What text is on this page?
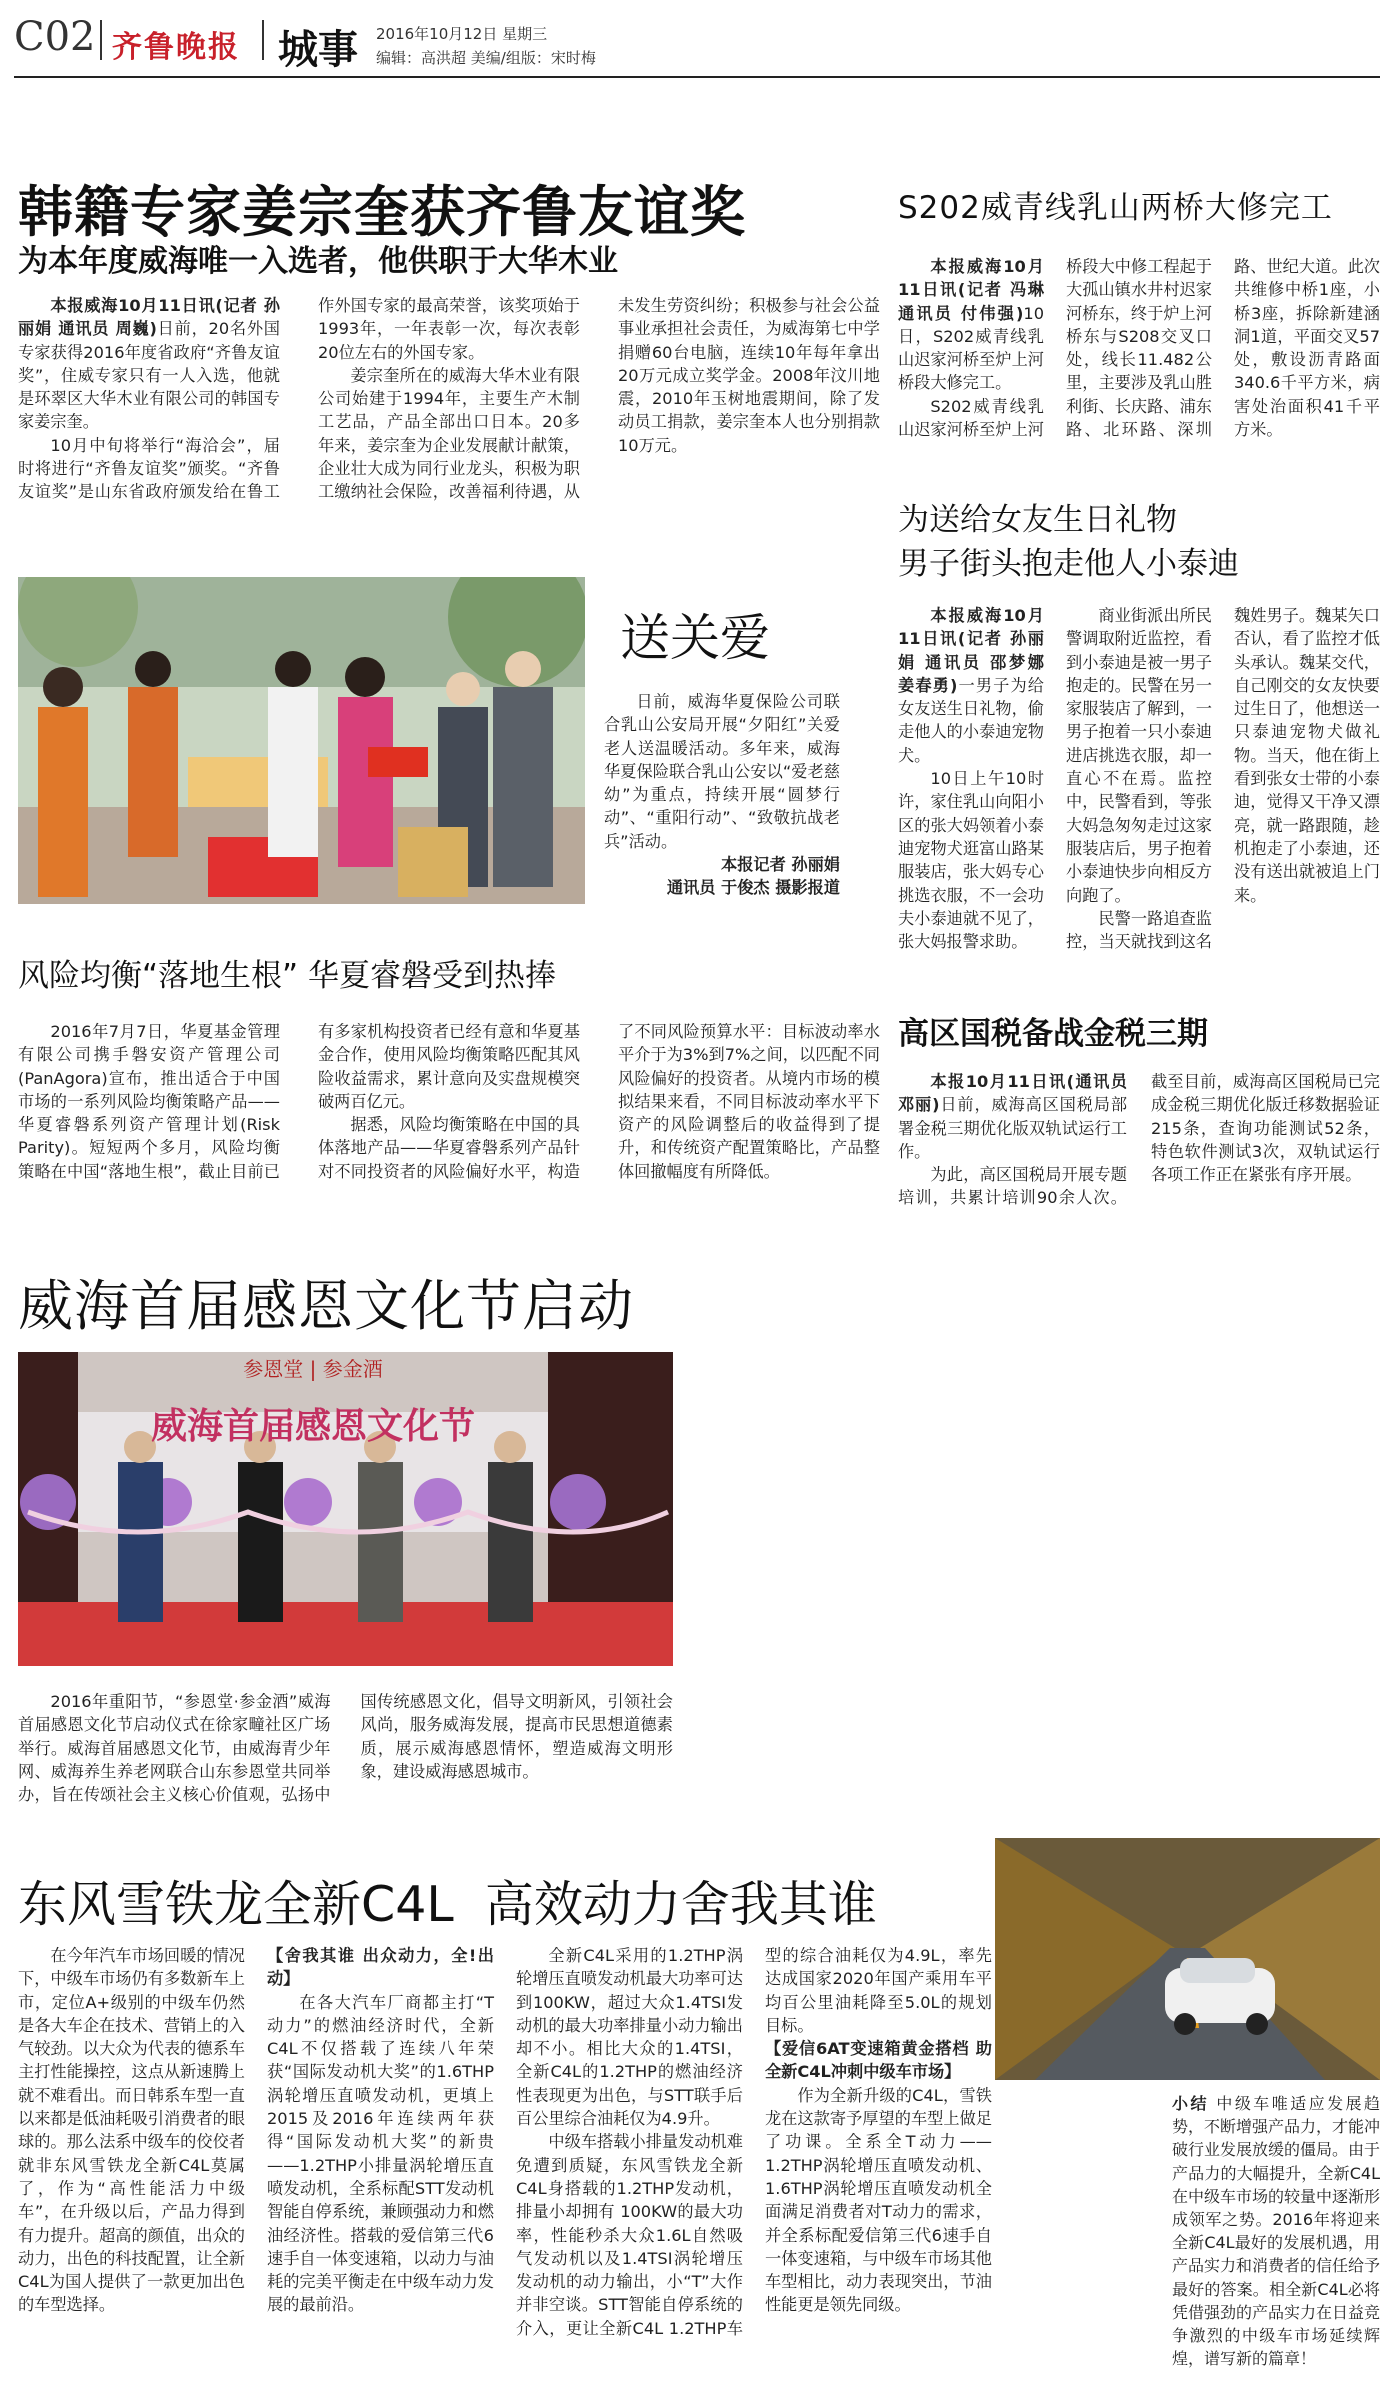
C02 齐鲁晚报 城事 2016年10月12日 星期三
编辑：高洪超 美编/组版：宋时梅
韩籍专家姜宗奎获齐鲁友谊奖
为本年度威海唯一入选者，他供职于大华木业

本报威海10月11日讯(记者 孙丽娟 通讯员 周巍)日前，20名外国专家获得2016年度省政府“齐鲁友谊奖”，住威专家只有一人入选，他就是环翠区大华木业有限公司的韩国专家姜宗奎。

10月中旬将举行“海洽会”，届时将进行“齐鲁友谊奖”颁奖。“齐鲁友谊奖”是山东省政府颁发给在鲁工作外国专家的最高荣誉，该奖项始于1993年，一年表彰一次，每次表彰20位左右的外国专家。

姜宗奎所在的威海大华木业有限公司始建于1994年，主要生产木制工艺品，产品全部出口日本。20多年来，姜宗奎为企业发展献计献策，企业壮大成为同行业龙头，积极为职工缴纳社会保险，改善福利待遇，从未发生劳资纠纷；积极参与社会公益事业承担社会责任，为威海第七中学捐赠60台电脑，连续10年每年拿出20万元成立奖学金。2008年汶川地震，2010年玉树地震期间，除了发动员工捐款，姜宗奎本人也分别捐款10万元。

S202威青线乳山两桥大修完工

本报威海10月11日讯(记者 冯琳 通讯员 付伟强)10日，S202威青线乳山迟家河桥至炉上河桥段大修完工。

S202威青线乳山迟家河桥至炉上河桥段大中修工程起于大孤山镇水井村迟家河桥东，终于炉上河桥东与S208交叉口处，线长11.482公里，主要涉及乳山胜利街、长庆路、浦东路、北环路、深圳路、世纪大道。此次共维修中桥1座，小桥3座，拆除新建涵洞1道，平面交叉57处，敷设沥青路面340.6千平方米，病害处治面积41千平方米。

送关爱

日前，威海华夏保险公司联合乳山公安局开展“夕阳红”关爱老人送温暖活动。多年来，威海华夏保险联合乳山公安以“爱老慈幼”为重点，持续开展“圆梦行动”、“重阳行动”、“致敬抗战老兵”活动。

本报记者 孙丽娟
通讯员 于俊杰 摄影报道
为送给女友生日礼物
男子街头抱走他人小泰迪

本报威海10月11日讯(记者 孙丽娟 通讯员 邵梦娜 姜春勇)一男子为给女友送生日礼物，偷走他人的小泰迪宠物犬。

10日上午10时许，家住乳山向阳小区的张大妈领着小泰迪宠物犬逛富山路某服装店，张大妈专心挑选衣服，不一会功夫小泰迪就不见了，张大妈报警求助。

商业街派出所民警调取附近监控，看到小泰迪是被一男子抱走的。民警在另一家服装店了解到，一男子抱着一只小泰迪进店挑选衣服，却一直心不在焉。监控中，民警看到，等张大妈急匆匆走过这家服装店后，男子抱着小泰迪快步向相反方向跑了。

民警一路追查监控，当天就找到这名魏姓男子。魏某矢口否认，看了监控才低头承认。魏某交代，自己刚交的女友快要过生日了，他想送一只泰迪宠物犬做礼物。当天，他在街上看到张女士带的小泰迪，觉得又干净又漂亮，就一路跟随，趁机抱走了小泰迪，还没有送出就被追上门来。

风险均衡“落地生根” 华夏睿磐受到热捧

2016年7月7日，华夏基金管理有限公司携手磐安资产管理公司(PanAgora)宣布，推出适合于中国市场的一系列风险均衡策略产品——华夏睿磐系列资产管理计划(Risk Parity)。短短两个多月，风险均衡策略在中国“落地生根”，截止目前已有多家机构投资者已经有意和华夏基金合作，使用风险均衡策略匹配其风险收益需求，累计意向及实盘规模突破两百亿元。

据悉，风险均衡策略在中国的具体落地产品——华夏睿磐系列产品针对不同投资者的风险偏好水平，构造了不同风险预算水平：目标波动率水平介于为3%到7%之间，以匹配不同风险偏好的投资者。从境内市场的模拟结果来看，不同目标波动率水平下资产的风险调整后的收益得到了提升，和传统资产配置策略比，产品整体回撤幅度有所降低。

高区国税备战金税三期

本报10月11日讯(通讯员 邓丽)日前，威海高区国税局部署金税三期优化版双轨试运行工作。

为此，高区国税局开展专题培训，共累计培训90余人次。截至目前，威海高区国税局已完成金税三期优化版迁移数据验证215条，查询功能测试52条，特色软件测试3次，双轨试运行各项工作正在紧张有序开展。

威海首届感恩文化节启动
参恩堂 | 参金酒
威海首届感恩文化节

2016年重阳节，“参恩堂·参金酒”威海首届感恩文化节启动仪式在徐家疃社区广场举行。威海首届感恩文化节，由威海青少年网、威海养生养老网联合山东参恩堂共同举办，旨在传颂社会主义核心价值观，弘扬中国传统感恩文化，倡导文明新风，引领社会风尚，服务威海发展，提高市民思想道德素质，展示威海感恩情怀，塑造威海文明形象，建设威海感恩城市。

东风雪铁龙全新C4L  高效动力舍我其谁

在今年汽车市场回暖的情况下，中级车市场仍有多数新车上市，定位A+级别的中级车仍然是各大车企在技术、营销上的入气较劲。以大众为代表的德系车主打性能操控，这点从新速腾上就不难看出。而日韩系车型一直以来都是低油耗吸引消费者的眼球的。那么法系中级车的佼佼者就非东风雪铁龙全新C4L莫属了，作为“高性能活力中级车”，在升级以后，产品力得到有力提升。超高的颜值，出众的动力，出色的科技配置，让全新C4L为国人提供了一款更加出色的车型选择。

【舍我其谁 出众动力，全!出动】

在各大汽车厂商都主打“T动力”的燃油经济时代，全新C4L不仅搭载了连续八年荣获“国际发动机大奖”的1.6THP涡轮增压直喷发动机，更填上2015及2016年连续两年获得“国际发动机大奖”的新贵——1.2THP小排量涡轮增压直喷发动机，全系标配STT发动机智能自停系统，兼顾强动力和燃油经济性。搭载的爱信第三代6速手自一体变速箱，以动力与油耗的完美平衡走在中级车动力发展的最前沿。

全新C4L采用的1.2THP涡轮增压直喷发动机最大功率可达到100KW，超过大众1.4TSI发动机的最大功率排量小动力输出却不小。相比大众的1.4TSI，全新C4L的1.2THP的燃油经济性表现更为出色，与STT联手后百公里综合油耗仅为4.9升。

中级车搭载小排量发动机难免遭到质疑，东风雪铁龙全新C4L身搭载的1.2THP发动机，排量小却拥有 100KW的最大功率，性能秒杀大众1.6L自然吸气发动机以及1.4TSI涡轮增压发动机的动力输出，小“T”大作并非空谈。STT智能自停系统的介入，更让全新C4L 1.2THP车型的综合油耗仅为4.9L，率先达成国家2020年国产乘用车平均百公里油耗降至5.0L的规划目标。

【爱信6AT变速箱黄金搭档 助全新C4L冲刺中级车市场】

作为全新升级的C4L，雪铁龙在这款寄予厚望的车型上做足了功课。全系全T动力——1.2THP涡轮增压直喷发动机、1.6THP涡轮增压直喷发动机全面满足消费者对T动力的需求，并全系标配爱信第三代6速手自一体变速箱，与中级车市场其他车型相比，动力表现突出，节油性能更是领先同级。

小结 中级车唯适应发展趋势，不断增强产品力，才能冲破行业发展放缓的僵局。由于产品力的大幅提升，全新C4L在中级车市场的较量中逐渐形成领军之势。2016年将迎来全新C4L最好的发展机遇，用产品实力和消费者的信任给予最好的答案。相全新C4L必将凭借强劲的产品实力在日益竞争激烈的中级车市场延续辉煌，谱写新的篇章！
